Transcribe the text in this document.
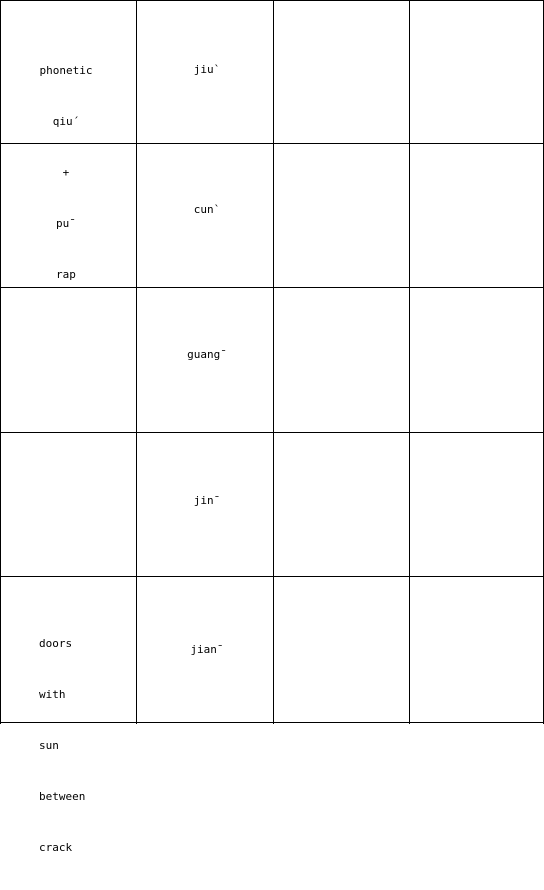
phonetic

qiu´

+

pu¯

rap

jiu`
cun`
guang¯
jin¯

doors

with

sun

between

crack

jian¯
